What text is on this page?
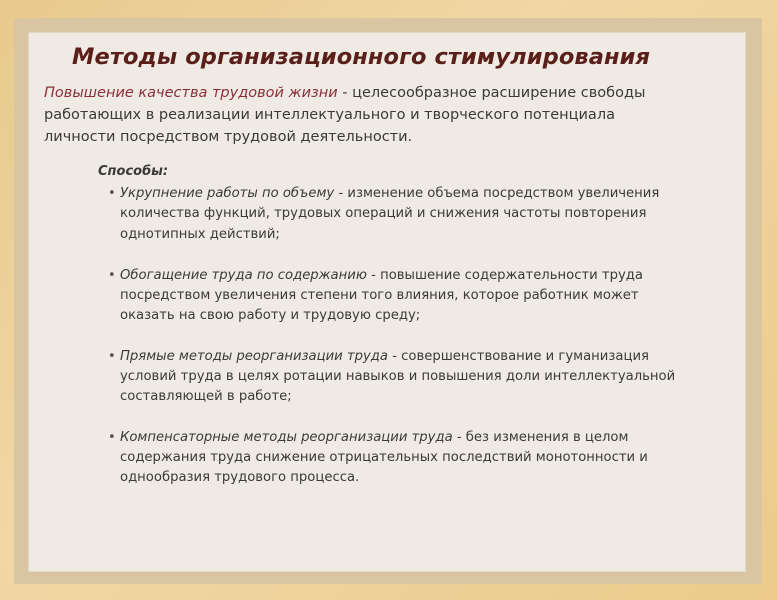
Методы организационного стимулирования

Повышение качества трудовой жизни - целесообразное расширение свободы работающих в реализации интеллектуального и творческого потенциала личности посредством трудовой деятельности.

Способы:
• Укрупнение работы по объему - изменение объема посредством увеличения количества функций, трудовых операций и снижения частоты повторения однотипных действий;
• Обогащение труда по содержанию - повышение содержательности труда посредством увеличения степени того влияния, которое работник может оказать на свою работу и трудовую среду;
• Прямые методы реорганизации труда - совершенствование и гуманизация условий труда в целях ротации навыков и повышения доли интеллектуальной составляющей в работе;
• Компенсаторные методы реорганизации труда - без изменения в целом содержания труда снижение отрицательных последствий монотонности и однообразия трудового процесса.
